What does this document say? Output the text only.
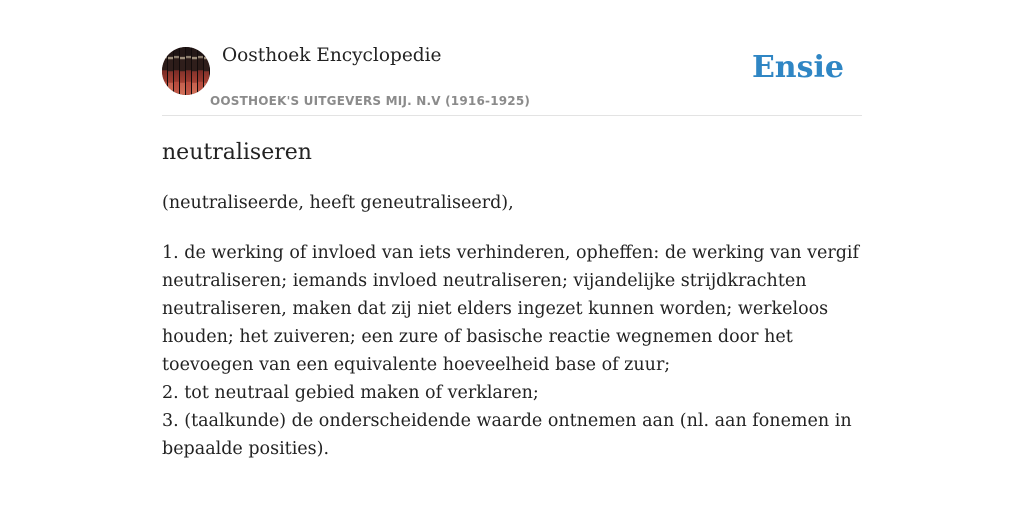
Oosthoek Encyclopedie
OOSTHOEK'S UITGEVERS MIJ. N.V (1916-1925)
Ensie
neutraliseren

(neutraliseerde, heeft geneutraliseerd),

1. de werking of invloed van iets verhinderen, opheffen: de werking van vergif neutraliseren; iemands invloed neutraliseren; vijandelijke strijdkrachten neutraliseren, maken dat zij niet elders ingezet kunnen worden; werkeloos houden; het zuiveren; een zure of basische reactie wegnemen door het toevoegen van een equivalente hoeveelheid base of zuur;
2. tot neutraal gebied maken of verklaren;
3. (taalkunde) de onderscheidende waarde ontnemen aan (nl. aan fonemen in bepaalde posities).
